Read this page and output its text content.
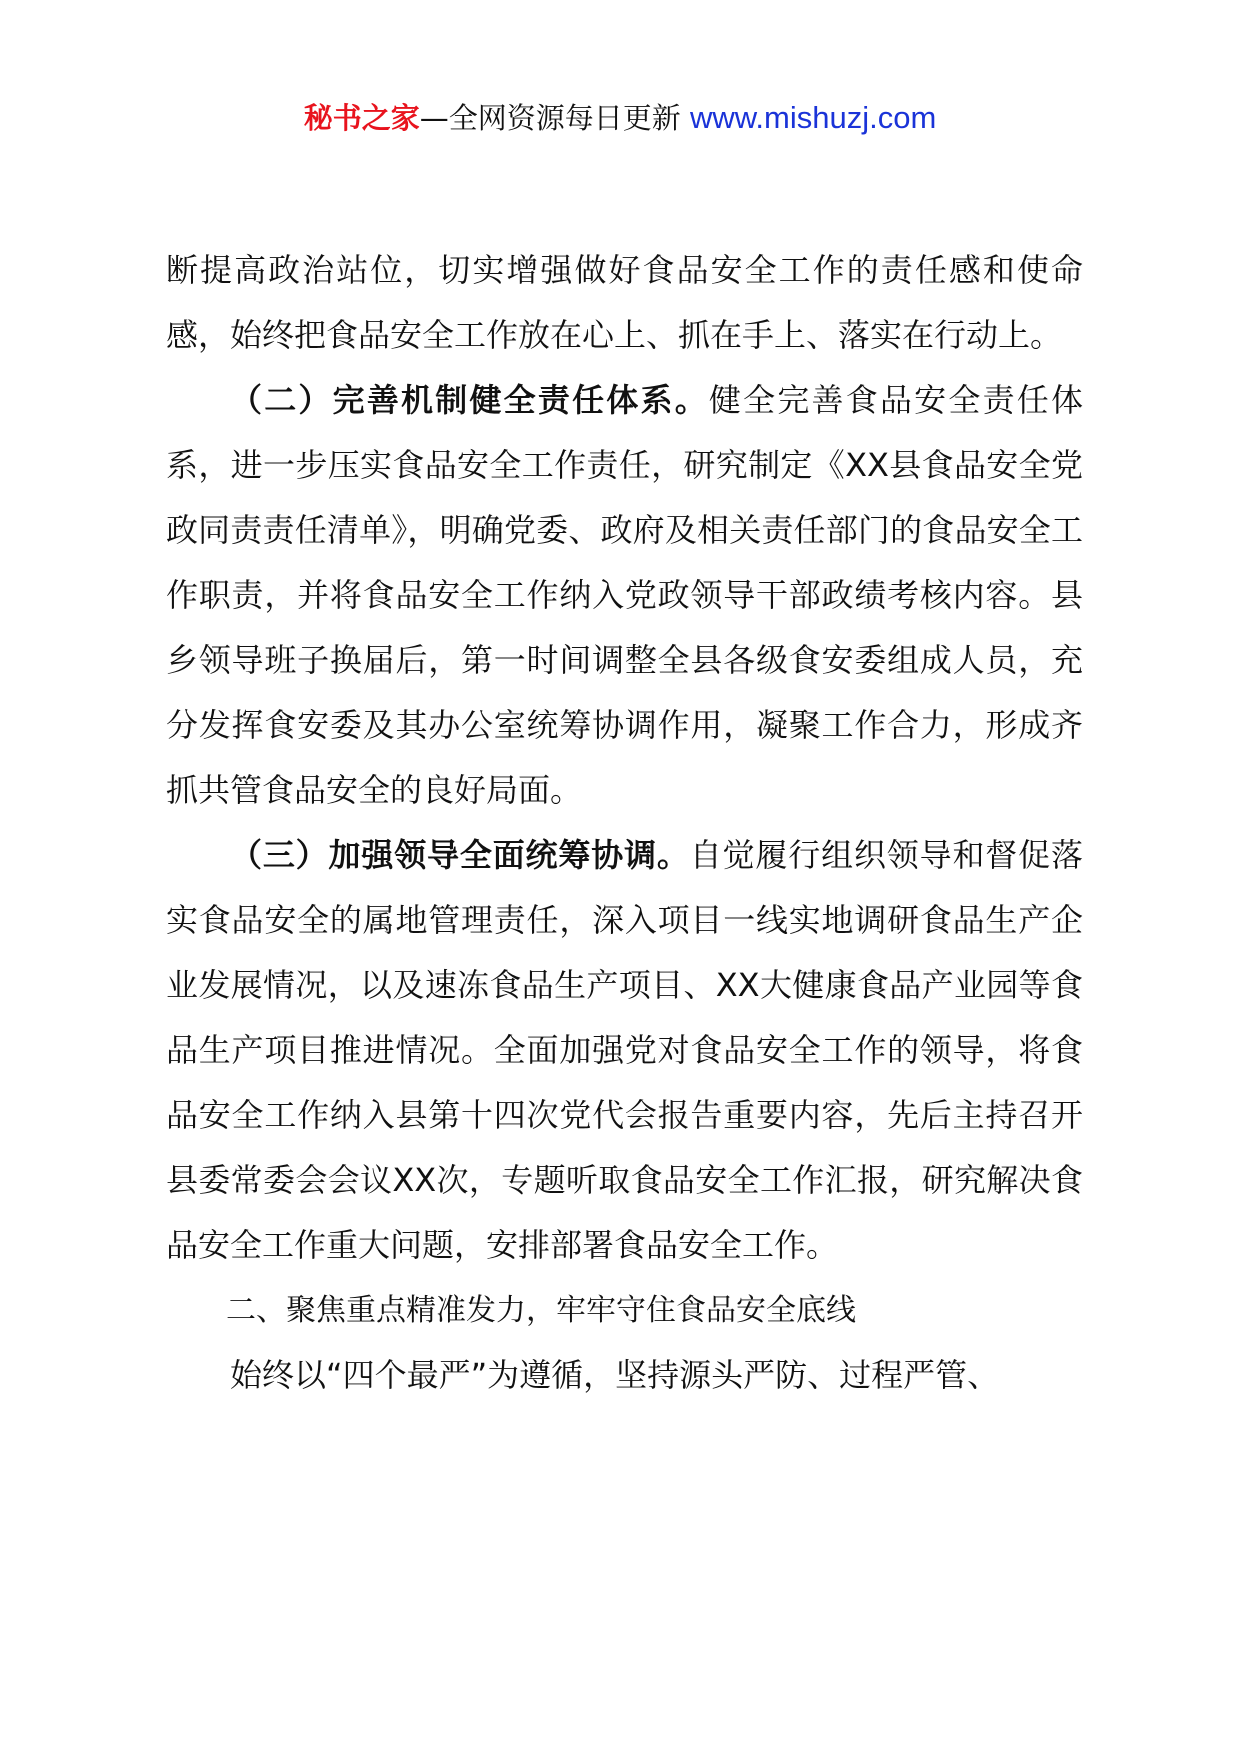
秘书之家—全网资源每日更新 www.mishuzj.com

断提高政治站位，切实增强做好食品安全工作的责任感和使命感，始终把食品安全工作放在心上、抓在手上、落实在行动上。

（二）完善机制健全责任体系。健全完善食品安全责任体系，进一步压实食品安全工作责任，研究制定《XX县食品安全党政同责责任清单》，明确党委、政府及相关责任部门的食品安全工作职责，并将食品安全工作纳入党政领导干部政绩考核内容。县乡领导班子换届后，第一时间调整全县各级食安委组成人员，充分发挥食安委及其办公室统筹协调作用，凝聚工作合力，形成齐抓共管食品安全的良好局面。

（三）加强领导全面统筹协调。自觉履行组织领导和督促落实食品安全的属地管理责任，深入项目一线实地调研食品生产企业发展情况，以及速冻食品生产项目、XX大健康食品产业园等食品生产项目推进情况。全面加强党对食品安全工作的领导，将食品安全工作纳入县第十四次党代会报告重要内容，先后主持召开县委常委会会议XX次，专题听取食品安全工作汇报，研究解决食品安全工作重大问题，安排部署食品安全工作。

二、聚焦重点精准发力，牢牢守住食品安全底线

始终以“四个最严”为遵循，坚持源头严防、过程严管、
